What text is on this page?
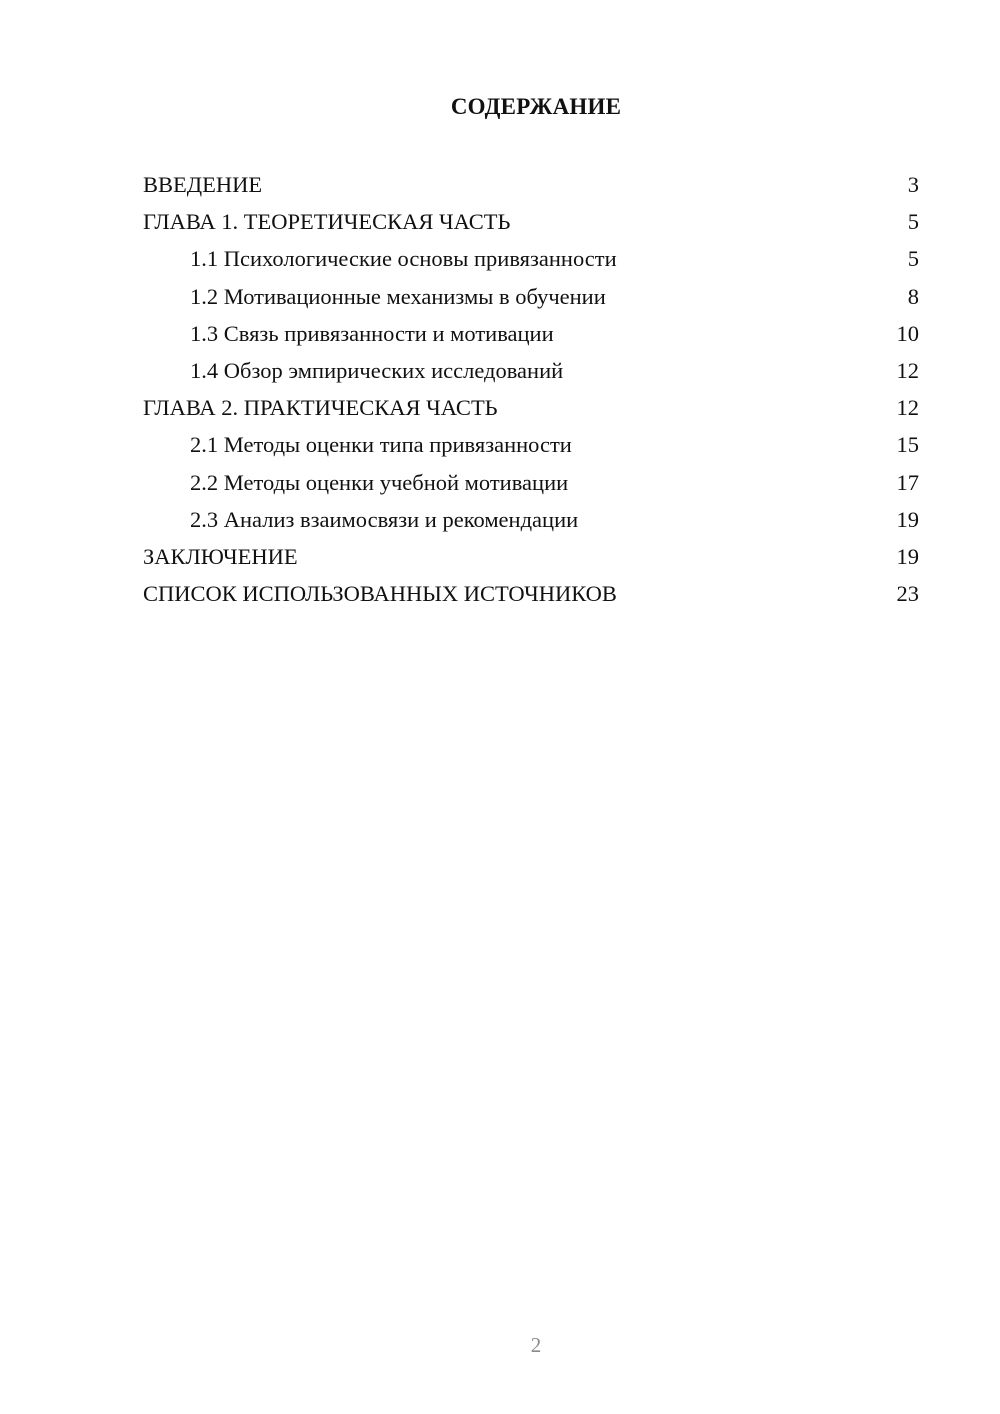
СОДЕРЖАНИЕ
ВВЕДЕНИЕ	3
ГЛАВА 1. ТЕОРЕТИЧЕСКАЯ ЧАСТЬ	5
1.1 Психологические основы привязанности	5
1.2 Мотивационные механизмы в обучении	8
1.3 Связь привязанности и мотивации	10
1.4 Обзор эмпирических исследований	12
ГЛАВА 2. ПРАКТИЧЕСКАЯ ЧАСТЬ	12
2.1 Методы оценки типа привязанности	15
2.2 Методы оценки учебной мотивации	17
2.3 Анализ взаимосвязи и рекомендации	19
ЗАКЛЮЧЕНИЕ	19
СПИСОК ИСПОЛЬЗОВАННЫХ ИСТОЧНИКОВ	23
2
